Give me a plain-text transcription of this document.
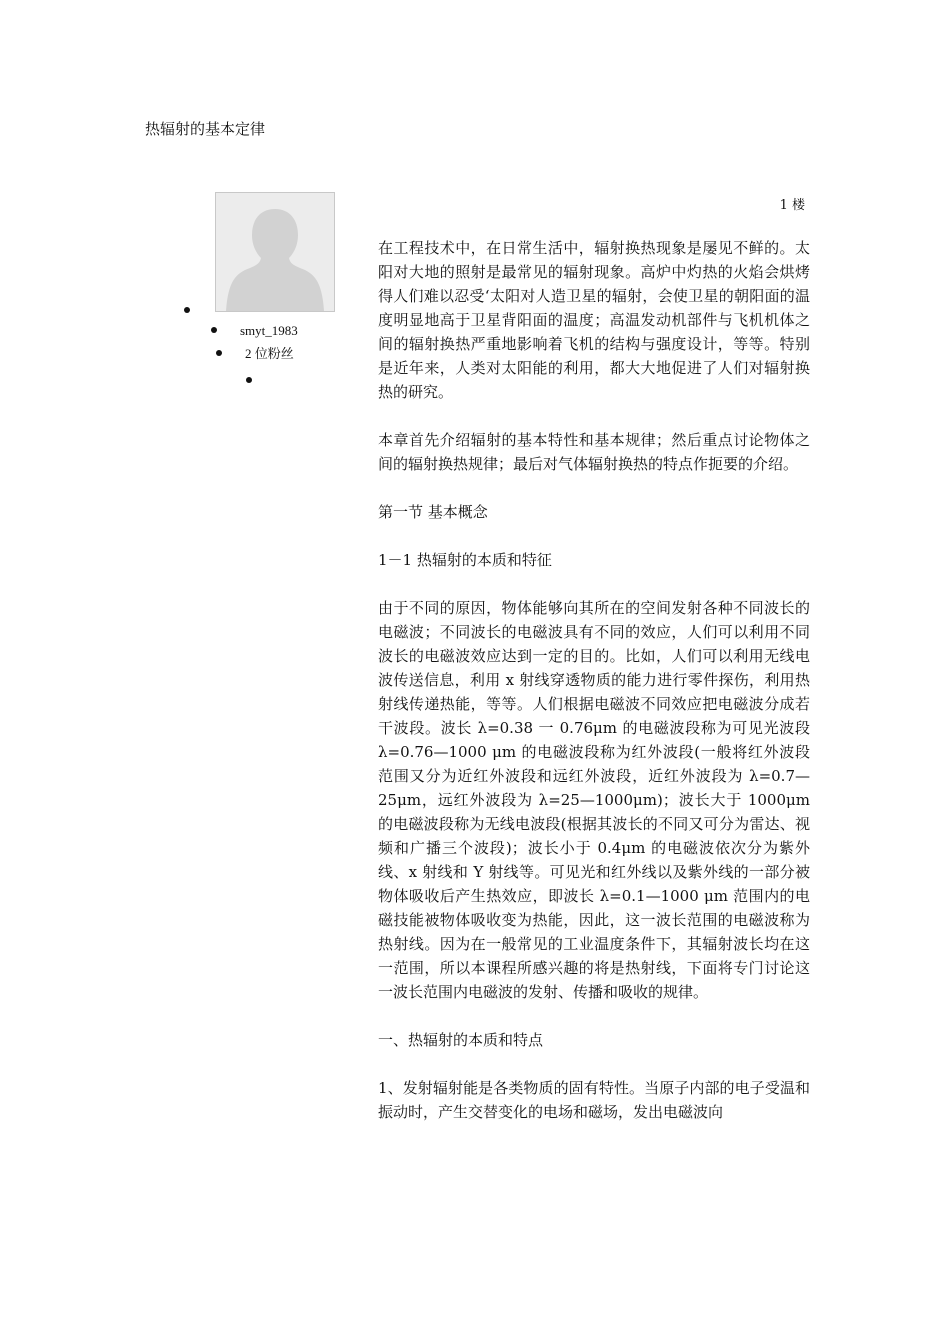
热辐射的基本定律
smyt_1983
2 位粉丝
1 楼

在工程技术中，在日常生活中，辐射换热现象是屡见不鲜的。太阳对大地的照射是最常见的辐射现象。高炉中灼热的火焰会烘烤得人们难以忍受‘太阳对人造卫星的辐射，会使卫星的朝阳面的温度明显地高于卫星背阳面的温度；高温发动机部件与飞机机体之间的辐射换热严重地影响着飞机的结构与强度设计，等等。特别是近年来，人类对太阳能的利用，都大大地促进了人们对辐射换热的研究。

本章首先介绍辐射的基本特性和基本规律；然后重点讨论物体之间的辐射换热规律；最后对气体辐射换热的特点作扼要的介绍。

第一节 基本概念

1－1 热辐射的本质和特征

由于不同的原因，物体能够向其所在的空间发射各种不同波长的电磁波；不同波长的电磁波具有不同的效应，人们可以利用不同波长的电磁波效应达到一定的目的。比如，人们可以利用无线电波传送信息，利用 x 射线穿透物质的能力进行零件探伤，利用热射线传递热能，等等。人们根据电磁波不同效应把电磁波分成若干波段。波长 λ=0.38 一 0.76μm 的电磁波段称为可见光波段 λ=0.76—1000 μm 的电磁波段称为红外波段(一般将红外波段范围又分为近红外波段和远红外波段，近红外波段为 λ=0.7—25μm，远红外波段为 λ=25—1000μm)；波长大于 1000μm 的电磁波段称为无线电波段(根据其波长的不同又可分为雷达、视频和广播三个波段)；波长小于 0.4μm 的电磁波依次分为紫外线、x 射线和 Y 射线等。可见光和红外线以及紫外线的一部分被物体吸收后产生热效应，即波长 λ=0.1—1000 μm 范围内的电磁技能被物体吸收变为热能，因此，这一波长范围的电磁波称为热射线。因为在一般常见的工业温度条件下，其辐射波长均在这一范围，所以本课程所感兴趣的将是热射线，下面将专门讨论这一波长范围内电磁波的发射、传播和吸收的规律。

一、热辐射的本质和特点

1、发射辐射能是各类物质的固有特性。当原子内部的电子受温和振动时，产生交替变化的电场和磁场，发出电磁波向
